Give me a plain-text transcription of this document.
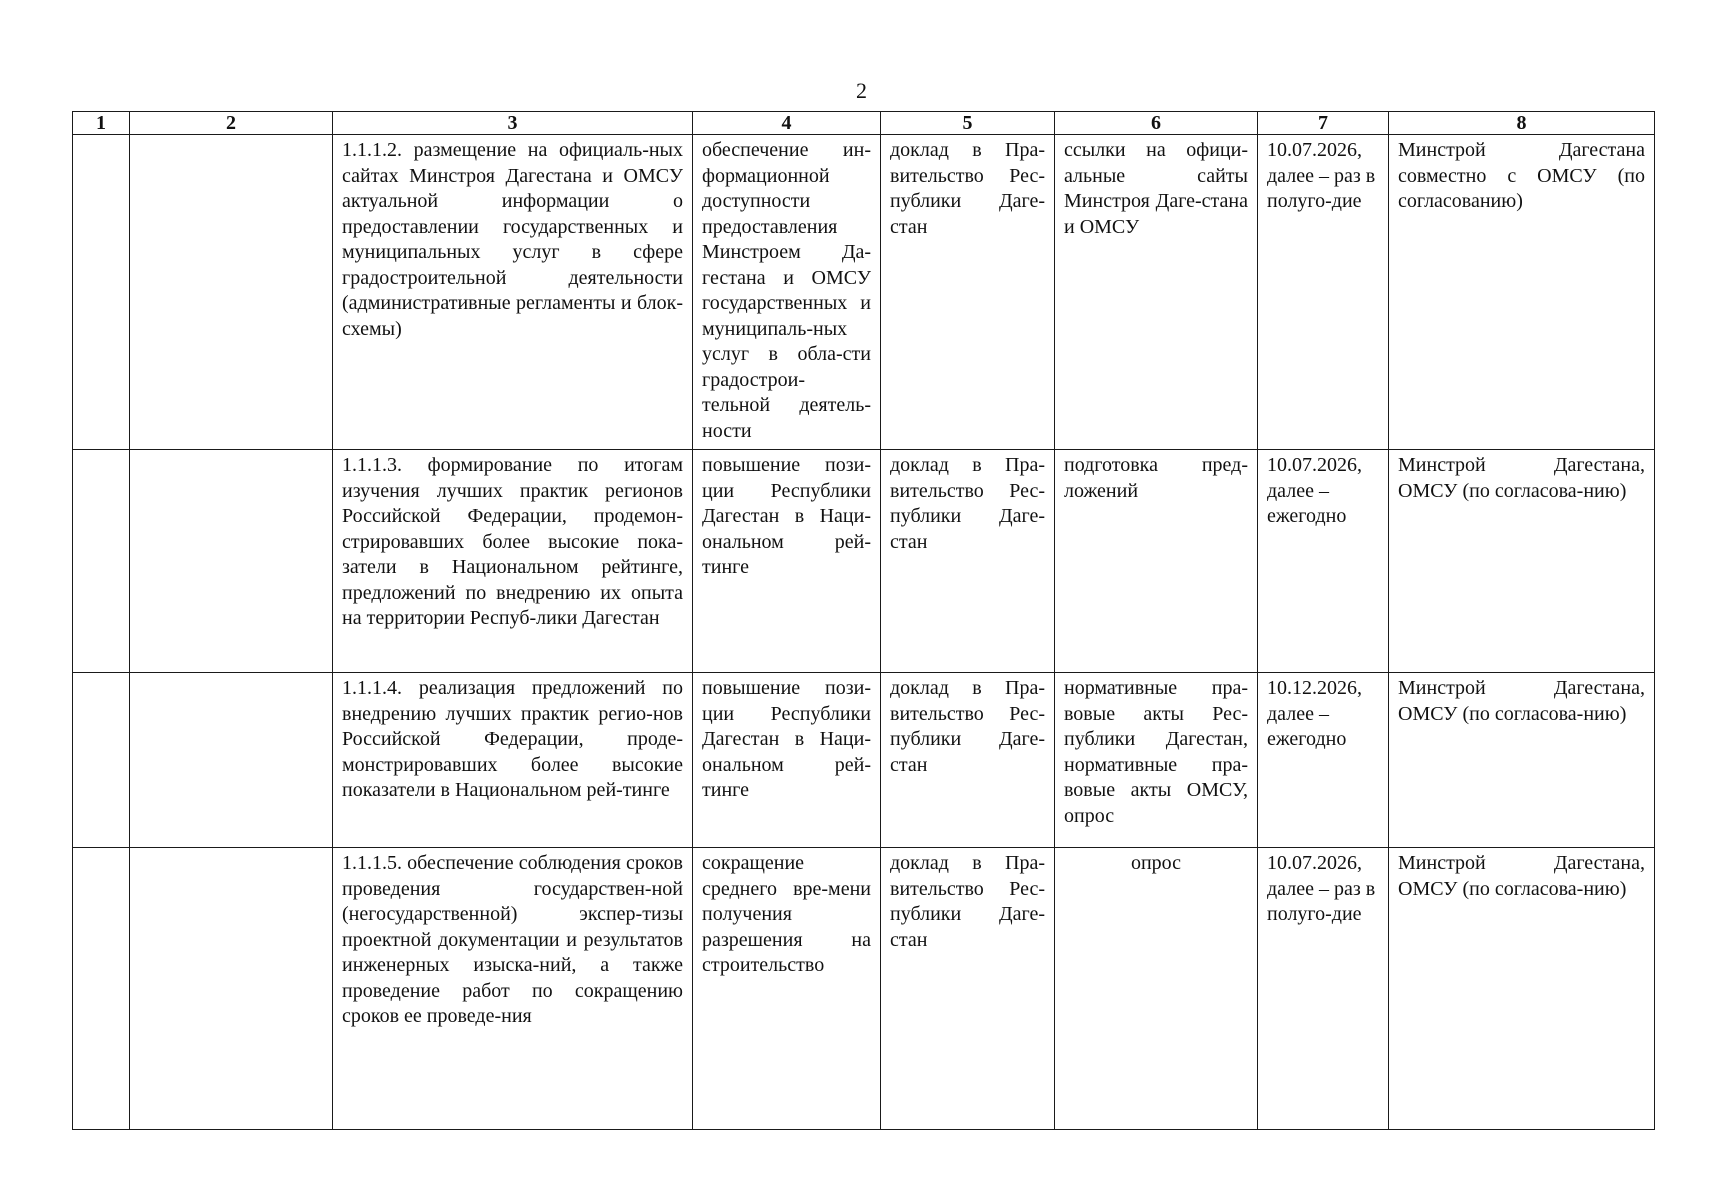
2
1	2	3	4	5	6	7	8
		1.1.1.2. размещение на официаль-ных сайтах Минстроя Дагестана и ОМСУ актуальной информации о предоставлении государственных и муниципальных услуг в сфере градостроительной деятельности (административные регламенты и блок-схемы)	обеспечение ин-формационной доступности предоставления Минстроем Да-гестана и ОМСУ государственных и муниципаль-ных услуг в обла-сти градострои-тельной деятель-ности	доклад в Пра-вительство Рес-публики Даге-стан	ссылки на офици-альные сайты Минстроя Даге-стана и ОМСУ	10.07.2026, далее – раз в полуго-дие	Минстрой Дагестана совместно с ОМСУ (по согласованию)
		1.1.1.3. формирование по итогам изучения лучших практик регионов Российской Федерации, продемон-стрировавших более высокие пока-затели в Национальном рейтинге, предложений по внедрению их опыта на территории Респуб-лики Дагестан	повышение пози-ции Республики Дагестан в Наци-ональном рей-тинге	доклад в Пра-вительство Рес-публики Даге-стан	подготовка пред-ложений	10.07.2026, далее – ежегодно	Минстрой Дагестана, ОМСУ (по согласова-нию)
		1.1.1.4. реализация предложений по внедрению лучших практик регио-нов Российской Федерации, проде-монстрировавших более высокие показатели в Национальном рей-тинге	повышение пози-ции Республики Дагестан в Наци-ональном рей-тинге	доклад в Пра-вительство Рес-публики Даге-стан	нормативные пра-вовые акты Рес-публики Дагестан, нормативные пра-вовые акты ОМСУ, опрос	10.12.2026, далее – ежегодно	Минстрой Дагестана, ОМСУ (по согласова-нию)
		1.1.1.5. обеспечение соблюдения сроков проведения государствен-ной (негосударственной) экспер-тизы проектной документации и результатов инженерных изыска-ний, а также проведение работ по сокращению сроков ее проведе-ния	сокращение среднего вре-мени получения разрешения на строительство	доклад в Пра-вительство Рес-публики Даге-стан	опрос	10.07.2026, далее – раз в полуго-дие	Минстрой Дагестана, ОМСУ (по согласова-нию)
